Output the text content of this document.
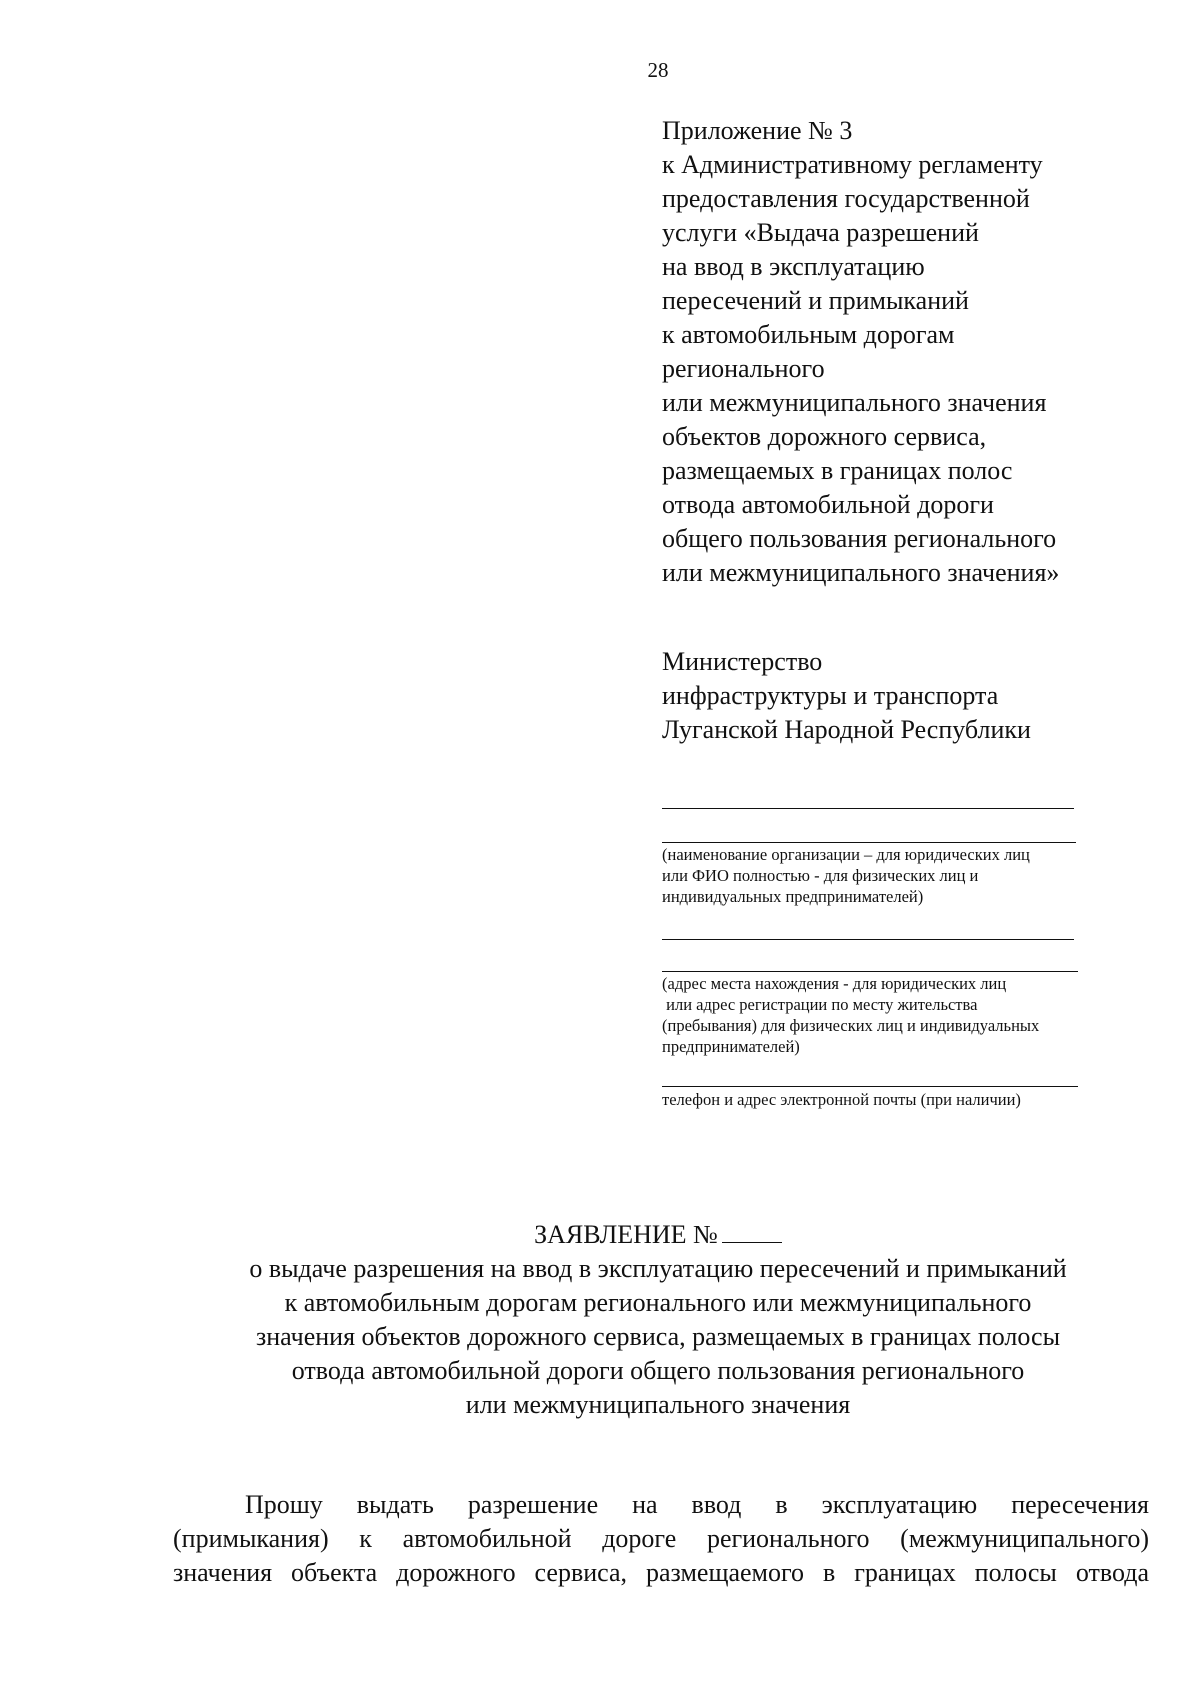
28
Приложение № 3
к Административному регламенту
предоставления государственной
услуги «Выдача разрешений
на ввод в эксплуатацию
пересечений и примыканий
к автомобильным дорогам
регионального
или межмуниципального значения
объектов дорожного сервиса,
размещаемых в границах полос
отвода автомобильной дороги
общего пользования регионального
или межмуниципального значения»
Министерство
инфраструктуры и транспорта
Луганской Народной Республики
(наименование организации – для юридических лиц
или ФИО полностью - для физических лиц и
индивидуальных предпринимателей)
(адрес места нахождения - для юридических лиц
или адрес регистрации по месту жительства
(пребывания) для физических лиц и индивидуальных
предпринимателей)
телефон и адрес электронной почты (при наличии)
ЗАЯВЛЕНИЕ №
о выдаче разрешения на ввод в эксплуатацию пересечений и примыканий
к автомобильным дорогам регионального или межмуниципального
значения объектов дорожного сервиса, размещаемых в границах полосы
отвода автомобильной дороги общего пользования регионального
или межмуниципального значения
Прошу выдать разрешение на ввод в эксплуатацию пересечения
(примыкания) к автомобильной дороге регионального (межмуниципального)
значения объекта дорожного сервиса, размещаемого в границах полосы отвода
